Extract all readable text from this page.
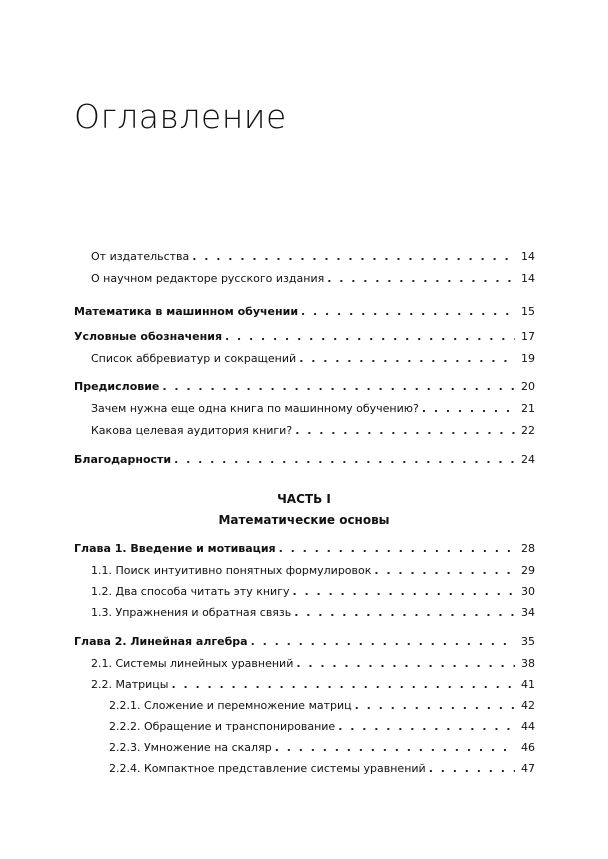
Оглавление
От издательства . . .	14
О научном редакторе русского издания . . .	14
Математика в машинном обучении . . .	15
Условные обозначения . . .	17
Список аббревиатур и сокращений . . .	19
Предисловие . . .	20
Зачем нужна еще одна книга по машинному обучению? . . .	21
Какова целевая аудитория книги? . . .	22
Благодарности . . .	24

ЧАСТЬ I

Математические основы

Глава 1. Введение и мотивация . . .	28
1.1. Поиск интуитивно понятных формулировок . . .	29
1.2. Два способа читать эту книгу . . .	30
1.3. Упражнения и обратная связь . . .	34
Глава 2. Линейная алгебра . . .	35
2.1. Системы линейных уравнений . . .	38
2.2. Матрицы . . .	41
2.2.1. Сложение и перемножение матриц . . .	42
2.2.2. Обращение и транспонирование . . .	44
2.2.3. Умножение на скаляр . . .	46
2.2.4. Компактное представление системы уравнений . . .	47
